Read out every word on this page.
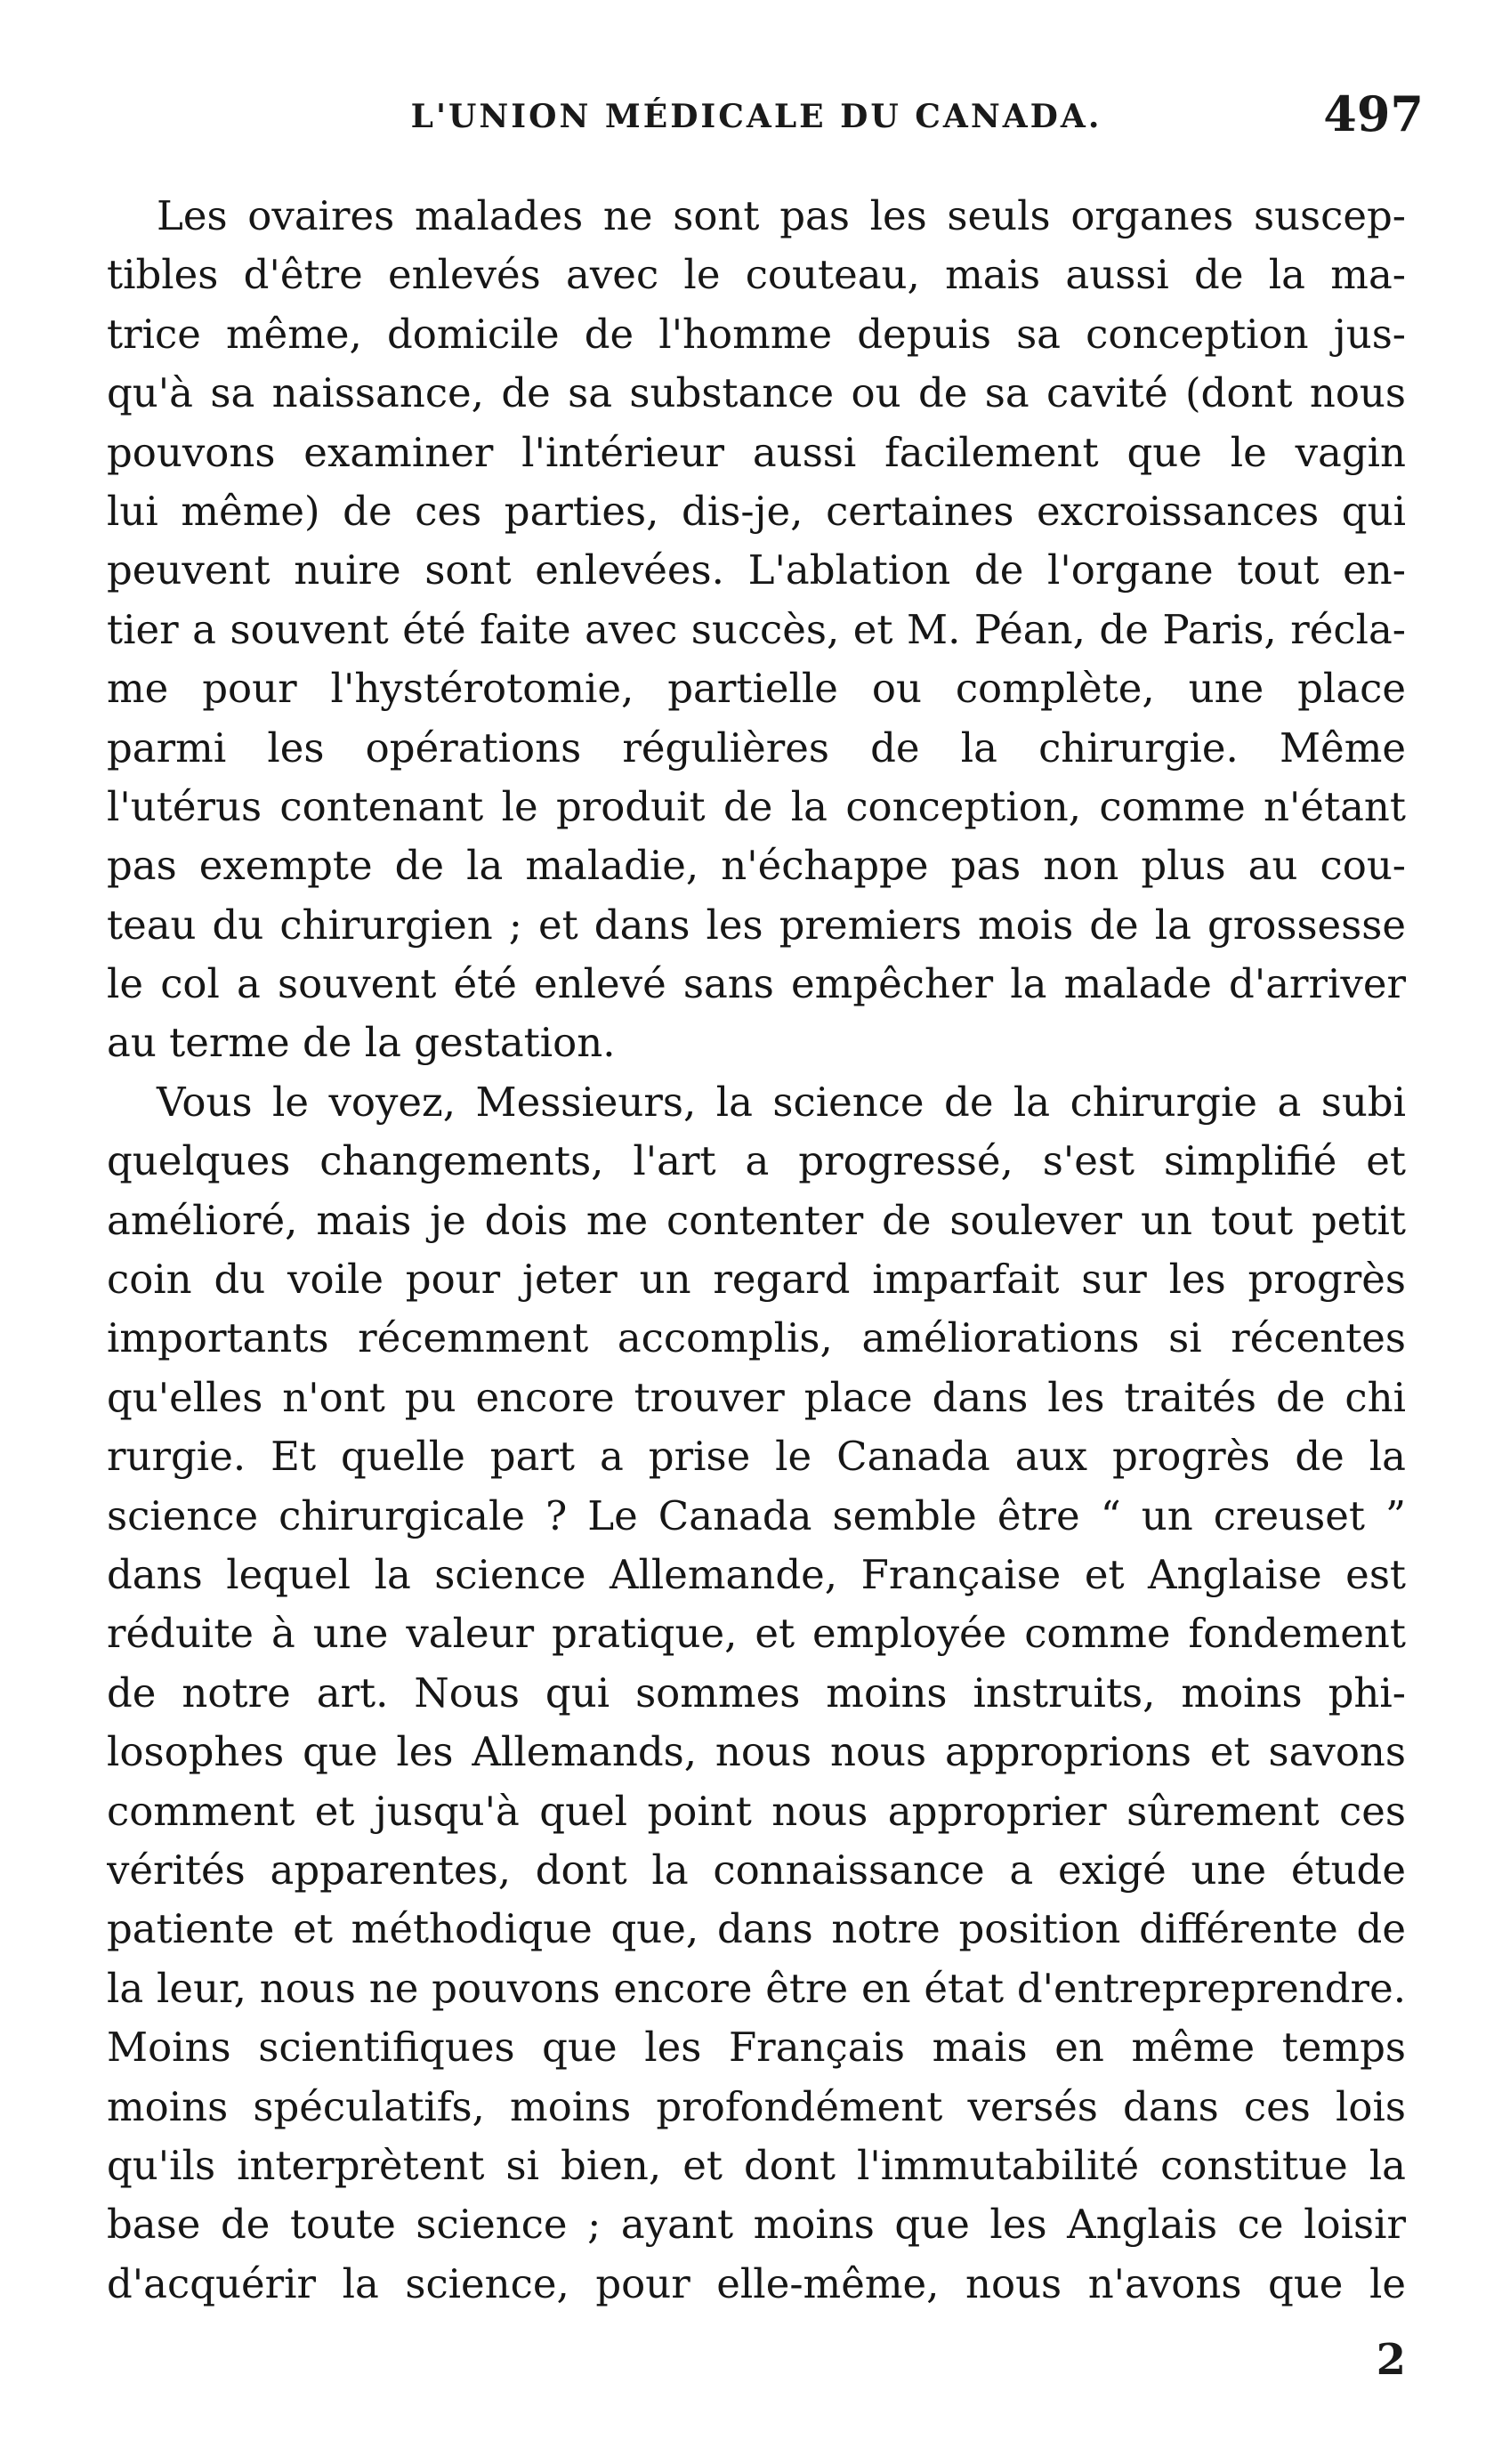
L'UNION MÉDICALE DU CANADA.	497
Les ovaires malades ne sont pas les seuls organes suscep-
tibles d'être enlevés avec le couteau, mais aussi de la ma-
trice même, domicile de l'homme depuis sa conception jus-
qu'à sa naissance, de sa substance ou de sa cavité (dont nous
pouvons examiner l'intérieur aussi facilement que le vagin
lui même) de ces parties, dis-je, certaines excroissances qui
peuvent nuire sont enlevées. L'ablation de l'organe tout en-
tier a souvent été faite avec succès, et M. Péan, de Paris, récla-
me pour l'hystérotomie, partielle ou complète, une place
parmi les opérations régulières de la chirurgie. Même
l'utérus contenant le produit de la conception, comme n'étant
pas exempte de la maladie, n'échappe pas non plus au cou-
teau du chirurgien ; et dans les premiers mois de la grossesse
le col a souvent été enlevé sans empêcher la malade d'arriver
au terme de la gestation.
Vous le voyez, Messieurs, la science de la chirurgie a subi
quelques changements, l'art a progressé, s'est simplifié et
amélioré, mais je dois me contenter de soulever un tout petit
coin du voile pour jeter un regard imparfait sur les progrès
importants récemment accomplis, améliorations si récentes
qu'elles n'ont pu encore trouver place dans les traités de chi
rurgie. Et quelle part a prise le Canada aux progrès de la
science chirurgicale ? Le Canada semble être “ un creuset ”
dans lequel la science Allemande, Française et Anglaise est
réduite à une valeur pratique, et employée comme fondement
de notre art. Nous qui sommes moins instruits, moins phi-
losophes que les Allemands, nous nous approprions et savons
comment et jusqu'à quel point nous approprier sûrement ces
vérités apparentes, dont la connaissance a exigé une étude
patiente et méthodique que, dans notre position différente de
la leur, nous ne pouvons encore être en état d'entrepreprendre.
Moins scientifiques que les Français mais en même temps
moins spéculatifs, moins profondément versés dans ces lois
qu'ils interprètent si bien, et dont l'immutabilité constitue la
base de toute science ; ayant moins que les Anglais ce loisir
d'acquérir la science, pour elle-même, nous n'avons que le
2
